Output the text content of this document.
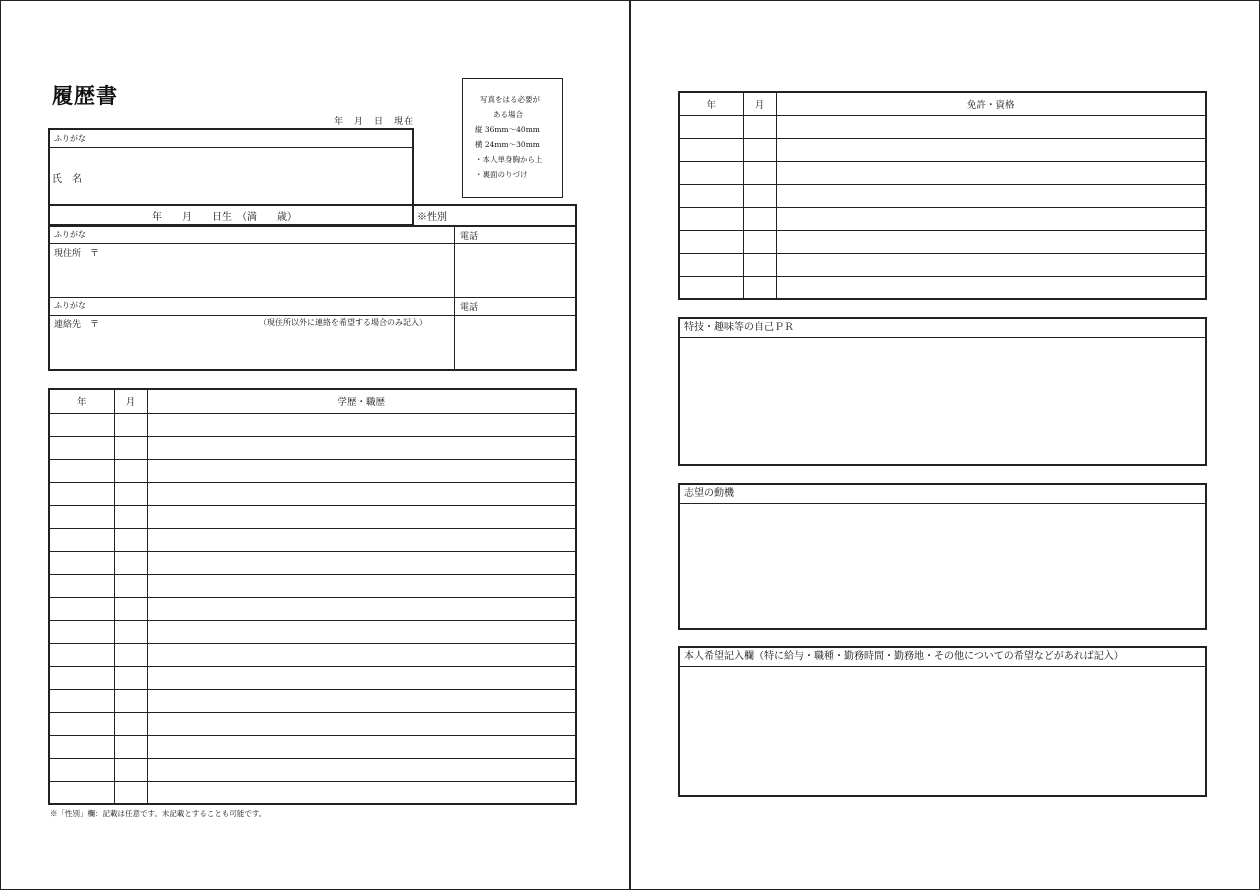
履歴書
年　月　日　現在
写真をはる必要が
ある場合
縦 36mm〜40mm
横 24mm〜30mm
・本人単身胸から上
・裏面のりづけ
ふりがな
氏　名
年　　月　　日生　（満　　歳）	※性別
ふりがな	電話
現住所　〒
ふりがな	電話
連絡先　〒	（現住所以外に連絡を希望する場合のみ記入）
年	月	学歴・職歴

※「性別」欄：記載は任意です。未記載とすることも可能です。
年	月	免許・資格

特技・趣味等の自己ＰＲ
志望の動機
本人希望記入欄（特に給与・職種・勤務時間・勤務地・その他についての希望などがあれば記入）
